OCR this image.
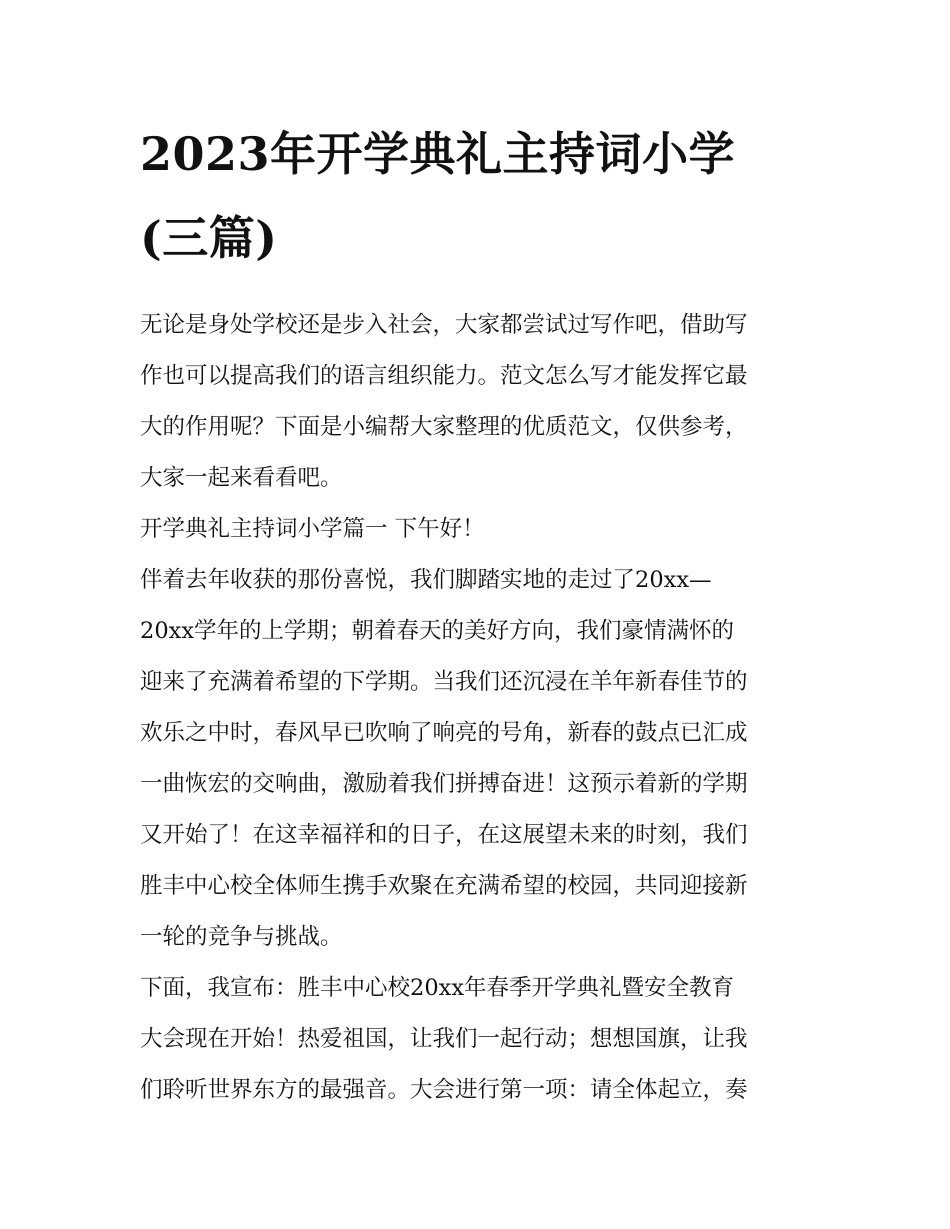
2023年开学典礼主持词小学
(三篇)
无论是身处学校还是步入社会，大家都尝试过写作吧，借助写
作也可以提高我们的语言组织能力。范文怎么写才能发挥它最
大的作用呢？下面是小编帮大家整理的优质范文，仅供参考，
大家一起来看看吧。
开学典礼主持词小学篇一 下午好！
伴着去年收获的那份喜悦，我们脚踏实地的走过了20xx—
20xx学年的上学期；朝着春天的美好方向，我们豪情满怀的
迎来了充满着希望的下学期。当我们还沉浸在羊年新春佳节的
欢乐之中时，春风早已吹响了响亮的号角，新春的鼓点已汇成
一曲恢宏的交响曲，激励着我们拼搏奋进！这预示着新的学期
又开始了！在这幸福祥和的日子，在这展望未来的时刻，我们
胜丰中心校全体师生携手欢聚在充满希望的校园，共同迎接新
一轮的竞争与挑战。
下面，我宣布：胜丰中心校20xx年春季开学典礼暨安全教育
大会现在开始！热爱祖国，让我们一起行动；想想国旗，让我
们聆听世界东方的最强音。大会进行第一项：请全体起立，奏
